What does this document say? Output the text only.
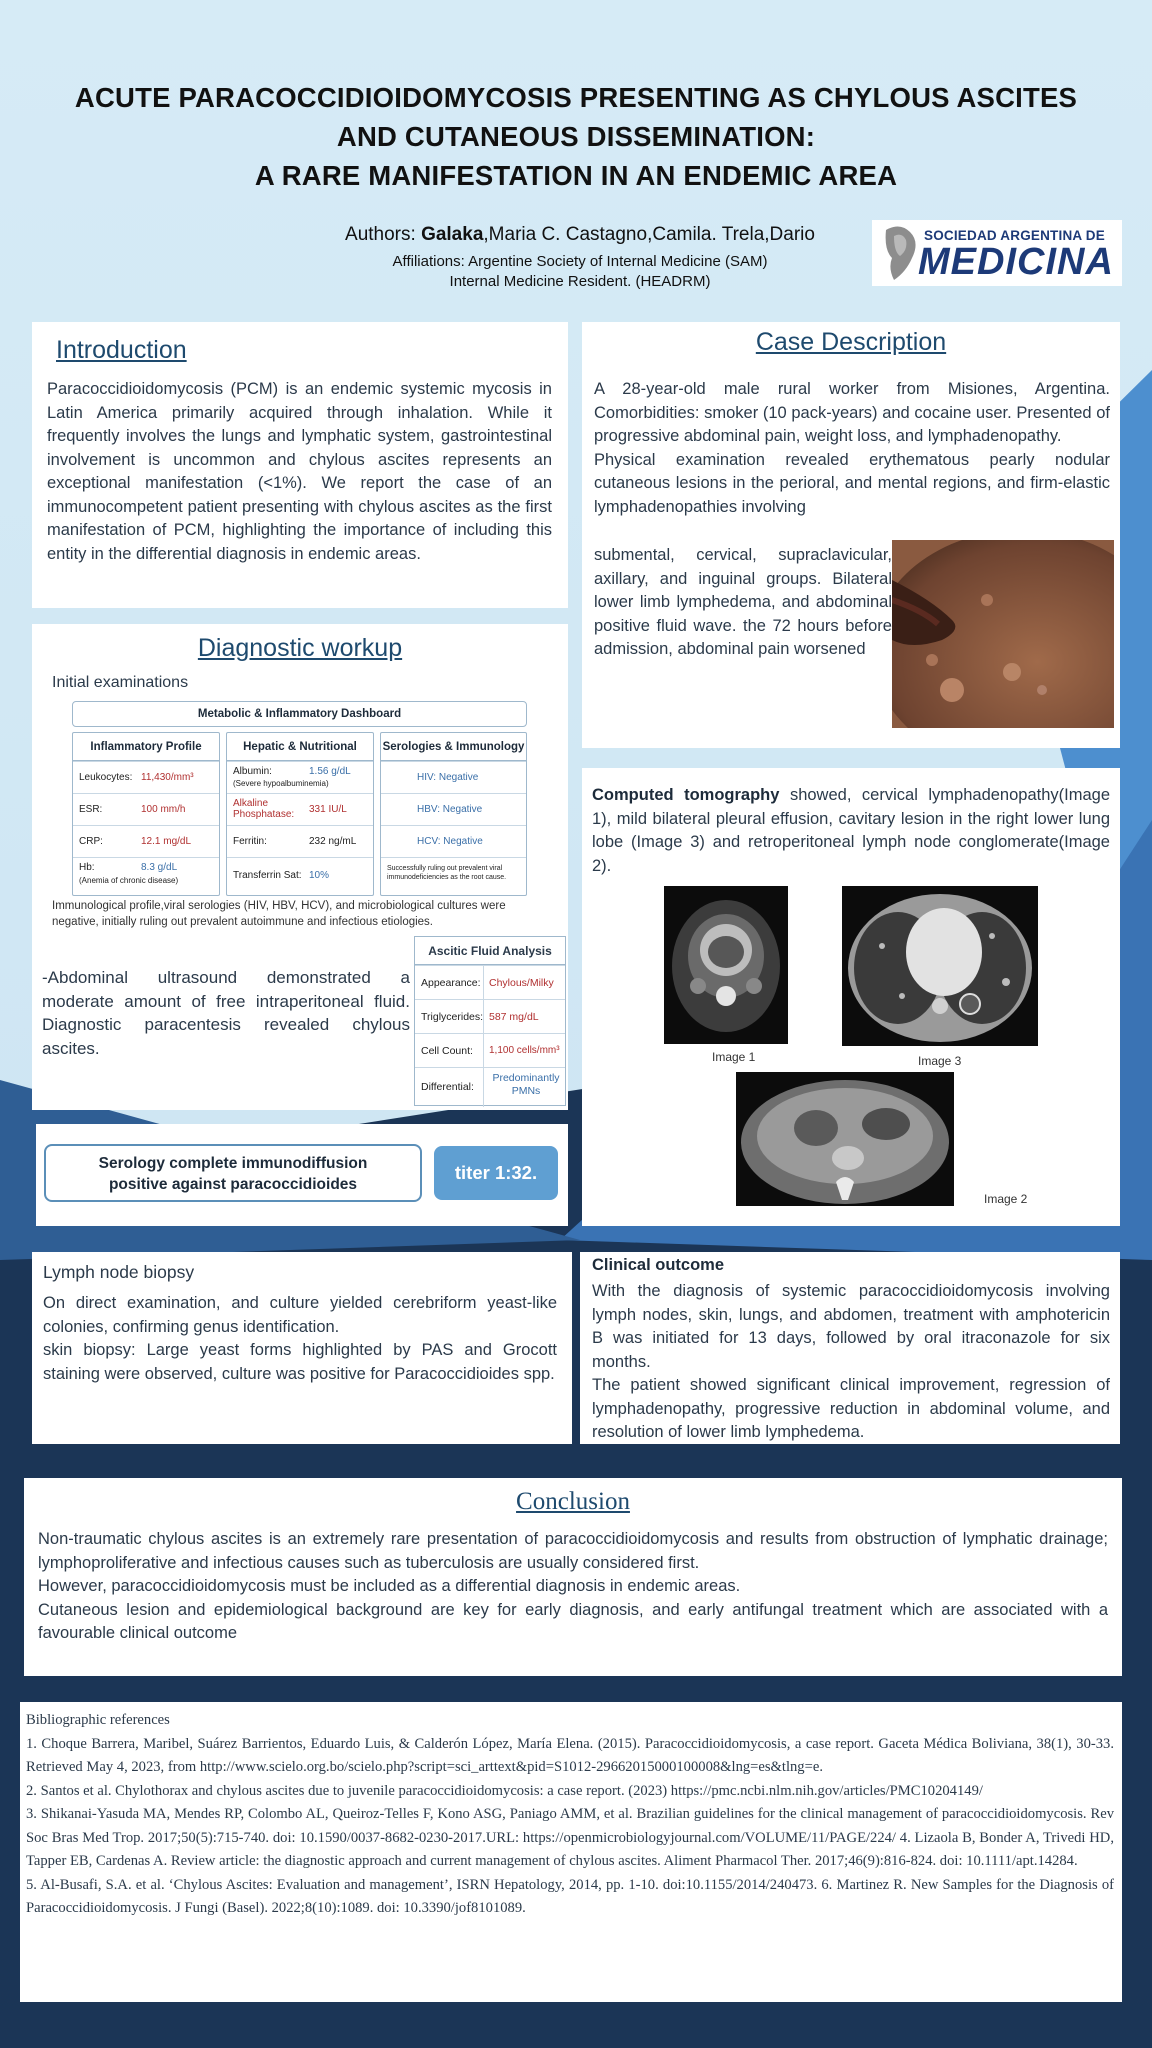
ACUTE PARACOCCIDIOIDOMYCOSIS PRESENTING AS CHYLOUS ASCITES
AND CUTANEOUS DISSEMINATION:
A RARE MANIFESTATION IN AN ENDEMIC AREA
Authors: Galaka,Maria C. Castagno,Camila. Trela,Dario
Affiliations: Argentine Society of Internal Medicine (SAM)
Internal Medicine Resident. (HEADRM)
SOCIEDAD ARGENTINA DE
MEDICINA
Introduction
Paracoccidioidomycosis (PCM) is an endemic systemic mycosis in Latin America primarily acquired through inhalation. While it frequently involves the lungs and lymphatic system, gastrointestinal involvement is uncommon and chylous ascites represents an exceptional manifestation (<1%). We report the case of an immunocompetent patient presenting with chylous ascites as the first manifestation of PCM, highlighting the importance of including this entity in the differential diagnosis in endemic areas.
Case Description
A 28-year-old male rural worker from Misiones, Argentina. Comorbidities: smoker (10 pack-years) and cocaine user. Presented of progressive abdominal pain, weight loss, and lymphadenopathy.
Physical examination revealed erythematous pearly nodular cutaneous lesions in the perioral, and mental regions, and firm-elastic lymphadenopathies involving
submental, cervical, supraclavicular, axillary, and inguinal groups. Bilateral lower limb lymphedema, and abdominal positive fluid wave. the 72 hours before admission, abdominal pain worsened
Diagnostic workup
Initial examinations
Metabolic & Inflammatory Dashboard
Inflammatory Profile
Leukocytes: 11,430/mm³
ESR:	100 mm/h
CRP:	12.1 mg/dL
Hb:	8.3 g/dL
(Anemia of chronic disease)
Hepatic & Nutritional
Albumin:	1.56 g/dL
(Severe hypoalbuminemia)
Alkaline Phosphatase: 331 IU/L
Ferritin:	232 ng/mL
Transferrin Sat: 10%
Serologies & Immunology
HIV: Negative
HBV: Negative
HCV: Negative
Successfully ruling out prevalent viral immunodeficiencies as the root cause.
Immunological profile,viral serologies (HIV, HBV, HCV), and microbiological cultures were negative, initially ruling out prevalent autoimmune and infectious etiologies.
-Abdominal ultrasound demonstrated a moderate amount of free intraperitoneal fluid. Diagnostic paracentesis revealed chylous ascites.
Ascitic Fluid Analysis
Appearance: Chylous/Milky
Triglycerides: 587 mg/dL
Cell Count: 1,100 cells/mm³
Differential:
Predominantly PMNs
Serology complete immunodiffusion
positive against paracoccidioides
titer 1:32.
Computed tomography showed, cervical lymphadenopathy(Image 1), mild bilateral pleural effusion, cavitary lesion in the right lower lung lobe (Image 3) and retroperitoneal lymph node conglomerate(Image 2).
Image 1	Image 3
Image 2
Lymph node biopsy
On direct examination, and culture yielded cerebriform yeast-like colonies, confirming genus identification.
skin biopsy: Large yeast forms highlighted by PAS and Grocott staining were observed, culture was positive for Paracoccidioides spp.
Clinical outcome
With the diagnosis of systemic paracoccidioidomycosis involving lymph nodes, skin, lungs, and abdomen, treatment with amphotericin B was initiated for 13 days, followed by oral itraconazole for six months.
The patient showed significant clinical improvement, regression of lymphadenopathy, progressive reduction in abdominal volume, and resolution of lower limb lymphedema.
Conclusion
Non-traumatic chylous ascites is an extremely rare presentation of paracoccidioidomycosis and results from obstruction of lymphatic drainage; lymphoproliferative and infectious causes such as tuberculosis are usually considered first.
However, paracoccidioidomycosis must be included as a differential diagnosis in endemic areas.
Cutaneous lesion and epidemiological background are key for early diagnosis, and early antifungal treatment which are associated with a favourable clinical outcome
Bibliographic references
1. Choque Barrera, Maribel, Suárez Barrientos, Eduardo Luis, & Calderón López, María Elena. (2015). Paracoccidioidomycosis, a case report. Gaceta Médica Boliviana, 38(1), 30-33. Retrieved May 4, 2023, from http://www.scielo.org.bo/scielo.php?script=sci_arttext&pid=S1012-29662015000100008&lng=es&tlng=e.
2. Santos et al. Chylothorax and chylous ascites due to juvenile paracoccidioidomycosis: a case report. (2023) https://pmc.ncbi.nlm.nih.gov/articles/PMC10204149/
3. Shikanai-Yasuda MA, Mendes RP, Colombo AL, Queiroz-Telles F, Kono ASG, Paniago AMM, et al. Brazilian guidelines for the clinical management of paracoccidioidomycosis. Rev Soc Bras Med Trop. 2017;50(5):715-740. doi: 10.1590/0037-8682-0230-2017.URL: https://openmicrobiologyjournal.com/VOLUME/11/PAGE/224/ 4. Lizaola B, Bonder A, Trivedi HD, Tapper EB, Cardenas A. Review article: the diagnostic approach and current management of chylous ascites. Aliment Pharmacol Ther. 2017;46(9):816-824. doi: 10.1111/apt.14284.
5. Al-Busafi, S.A. et al. ‘Chylous Ascites: Evaluation and management’, ISRN Hepatology, 2014, pp. 1-10. doi:10.1155/2014/240473. 6. Martinez R. New Samples for the Diagnosis of Paracoccidioidomycosis. J Fungi (Basel). 2022;8(10):1089. doi: 10.3390/jof8101089.
